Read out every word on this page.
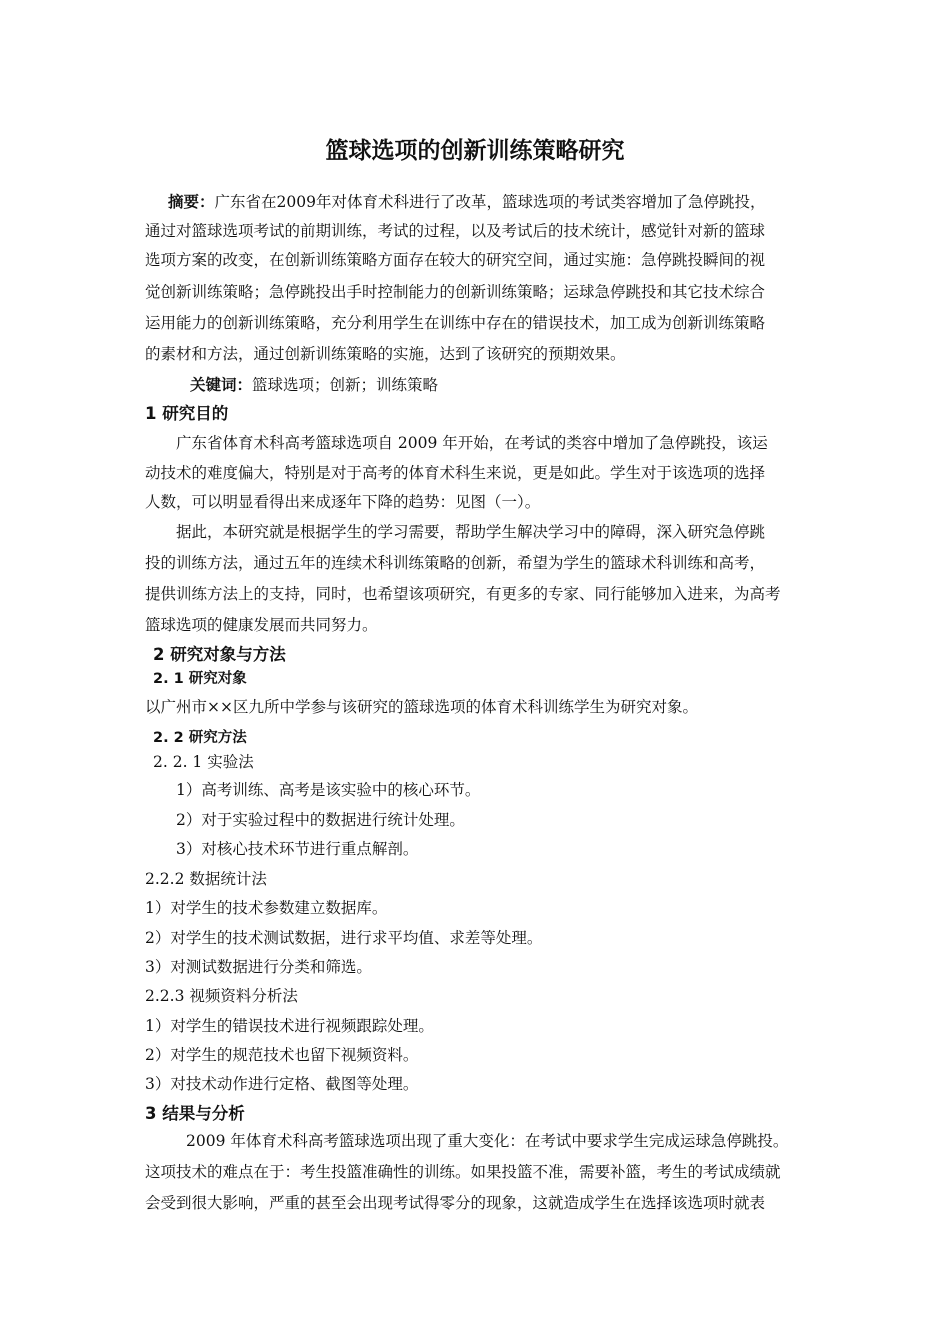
篮球选项的创新训练策略研究
摘要：广东省在2009年对体育术科进行了改革，篮球选项的考试类容增加了急停跳投，
通过对篮球选项考试的前期训练，考试的过程，以及考试后的技术统计，感觉针对新的篮球
选项方案的改变，在创新训练策略方面存在较大的研究空间，通过实施：急停跳投瞬间的视
觉创新训练策略；急停跳投出手时控制能力的创新训练策略；运球急停跳投和其它技术综合
运用能力的创新训练策略，充分利用学生在训练中存在的错误技术，加工成为创新训练策略
的素材和方法，通过创新训练策略的实施，达到了该研究的预期效果。
关键词：篮球选项；创新；训练策略
1 研究目的
广东省体育术科高考篮球选项自 2009 年开始，在考试的类容中增加了急停跳投，该运
动技术的难度偏大，特别是对于高考的体育术科生来说，更是如此。学生对于该选项的选择
人数，可以明显看得出来成逐年下降的趋势：见图（一）。
据此，本研究就是根据学生的学习需要，帮助学生解决学习中的障碍，深入研究急停跳
投的训练方法，通过五年的连续术科训练策略的创新，希望为学生的篮球术科训练和高考，
提供训练方法上的支持，同时，也希望该项研究，有更多的专家、同行能够加入进来，为高考
篮球选项的健康发展而共同努力。
2 研究对象与方法
2. 1 研究对象
以广州市××区九所中学参与该研究的篮球选项的体育术科训练学生为研究对象。
2. 2 研究方法
2. 2. 1 实验法
1）高考训练、高考是该实验中的核心环节。
2）对于实验过程中的数据进行统计处理。
3）对核心技术环节进行重点解剖。
2.2.2 数据统计法
1）对学生的技术参数建立数据库。
2）对学生的技术测试数据，进行求平均值、求差等处理。
3）对测试数据进行分类和筛选。
2.2.3 视频资料分析法
1）对学生的错误技术进行视频跟踪处理。
2）对学生的规范技术也留下视频资料。
3）对技术动作进行定格、截图等处理。
3 结果与分析
2009 年体育术科高考篮球选项出现了重大变化：在考试中要求学生完成运球急停跳投。
这项技术的难点在于：考生投篮准确性的训练。如果投篮不准，需要补篮，考生的考试成绩就
会受到很大影响，严重的甚至会出现考试得零分的现象，这就造成学生在选择该选项时就表
